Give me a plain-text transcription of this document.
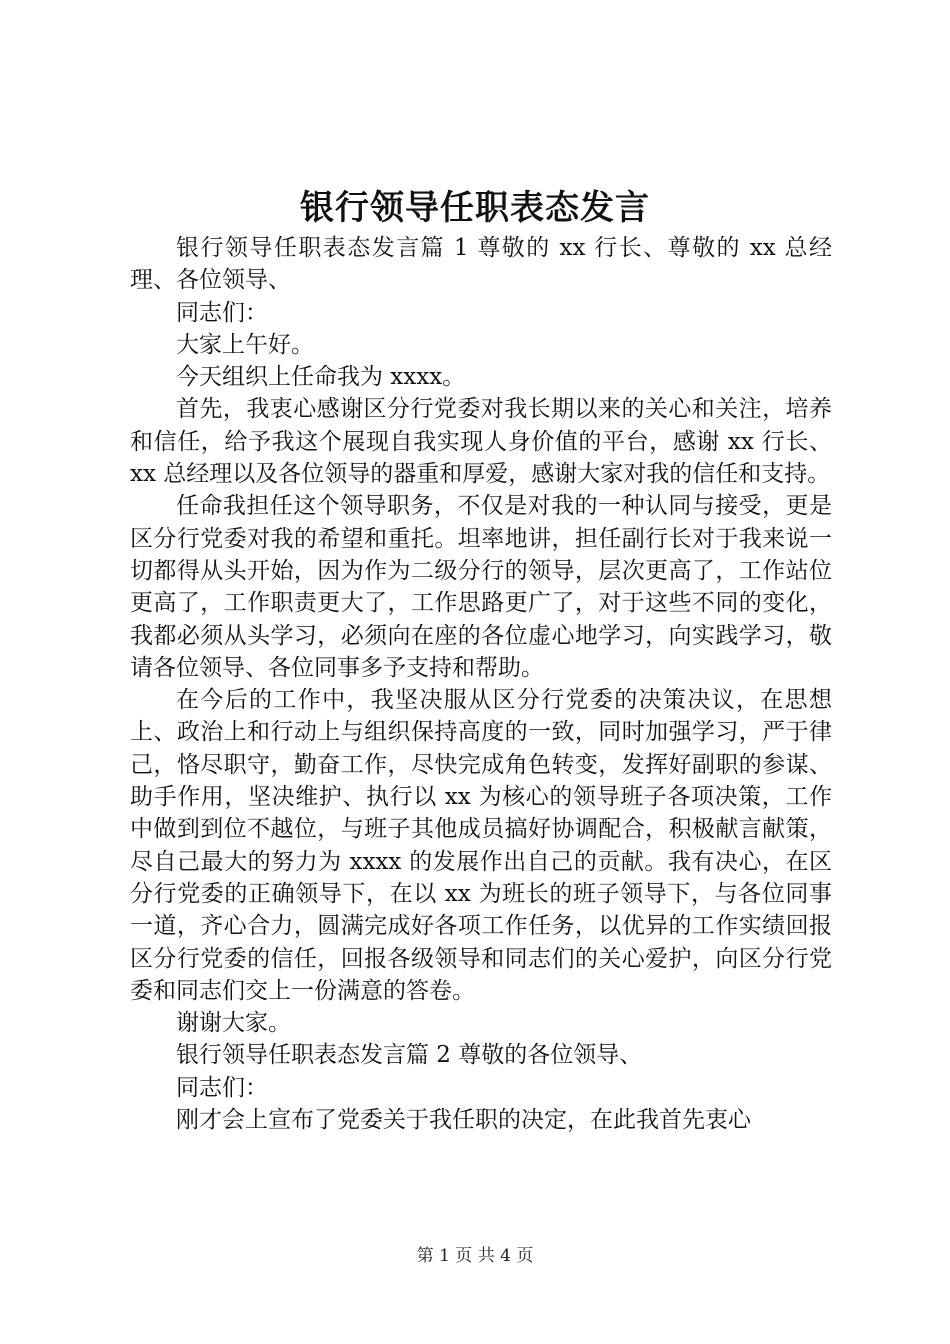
银行领导任职表态发言

银行领导任职表态发言篇 1 尊敬的 xx 行长、尊敬的 xx 总经理、各位领导、

同志们：

大家上午好。

今天组织上任命我为 xxxx。

首先，我衷心感谢区分行党委对我长期以来的关心和关注，培养和信任，给予我这个展现自我实现人身价值的平台，感谢 xx 行长、xx 总经理以及各位领导的器重和厚爱，感谢大家对我的信任和支持。

任命我担任这个领导职务，不仅是对我的一种认同与接受，更是区分行党委对我的希望和重托。坦率地讲，担任副行长对于我来说一切都得从头开始，因为作为二级分行的领导，层次更高了，工作站位更高了，工作职责更大了，工作思路更广了，对于这些不同的变化，我都必须从头学习，必须向在座的各位虚心地学习，向实践学习，敬请各位领导、各位同事多予支持和帮助。

在今后的工作中，我坚决服从区分行党委的决策决议，在思想上、政治上和行动上与组织保持高度的一致，同时加强学习，严于律己，恪尽职守，勤奋工作，尽快完成角色转变，发挥好副职的参谋、助手作用，坚决维护、执行以 xx 为核心的领导班子各项决策，工作中做到到位不越位，与班子其他成员搞好协调配合，积极献言献策，尽自己最大的努力为 xxxx 的发展作出自己的贡献。我有决心，在区分行党委的正确领导下，在以 xx 为班长的班子领导下，与各位同事一道，齐心合力，圆满完成好各项工作任务，以优异的工作实绩回报区分行党委的信任，回报各级领导和同志们的关心爱护，向区分行党委和同志们交上一份满意的答卷。

谢谢大家。

银行领导任职表态发言篇 2 尊敬的各位领导、

同志们：

刚才会上宣布了党委关于我任职的决定，在此我首先衷心

第 1 页 共 4 页
